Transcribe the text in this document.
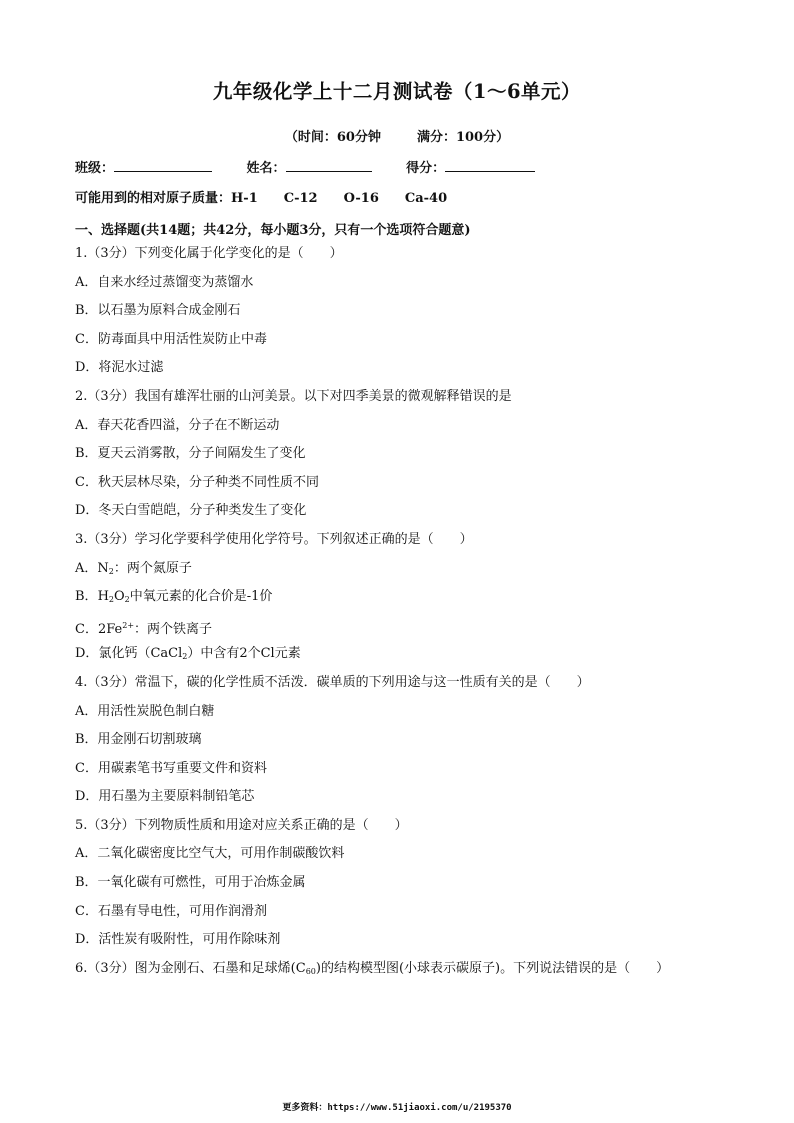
九年级化学上十二月测试卷（1～6单元）
（时间：60分钟	满分：100分）
班级：	姓名：	得分：
可能用到的相对原子质量：H-1 C-12 O-16 Ca-40
一、选择题(共14题；共42分，每小题3分，只有一个选项符合题意)
1.（3分）下列变化属于化学变化的是（　　）
A．自来水经过蒸馏变为蒸馏水
B．以石墨为原料合成金刚石
C．防毒面具中用活性炭防止中毒
D．将泥水过滤
2.（3分）我国有雄浑壮丽的山河美景。以下对四季美景的微观解释错误的是
A．春天花香四溢，分子在不断运动
B．夏天云消雾散，分子间隔发生了变化
C．秋天层林尽染，分子种类不同性质不同
D．冬天白雪皑皑，分子种类发生了变化
3.（3分）学习化学要科学使用化学符号。下列叙述正确的是（　　）
A．$N_2$：两个氮原子
B．$H_2O_2$中氧元素的化合价是-1价
C．$2Fe^{2+}$：两个铁离子
D．氯化钙（CaCl$_2$）中含有2个Cl元素
4.（3分）常温下，碳的化学性质不活泼．碳单质的下列用途与这一性质有关的是（　　）
A．用活性炭脱色制白糖
B．用金刚石切割玻璃
C．用碳素笔书写重要文件和资料
D．用石墨为主要原料制铅笔芯
5.（3分）下列物质性质和用途对应关系正确的是（　　）
A．二氧化碳密度比空气大，可用作制碳酸饮料
B．一氧化碳有可燃性，可用于冶炼金属
C．石墨有导电性，可用作润滑剂
D．活性炭有吸附性，可用作除味剂
6.（3分）图为金刚石、石墨和足球烯$(C_{60})$的结构模型图(小球表示碳原子)。下列说法错误的是（　　）
更多资料：https://www.51jiaoxi.com/u/2195370
